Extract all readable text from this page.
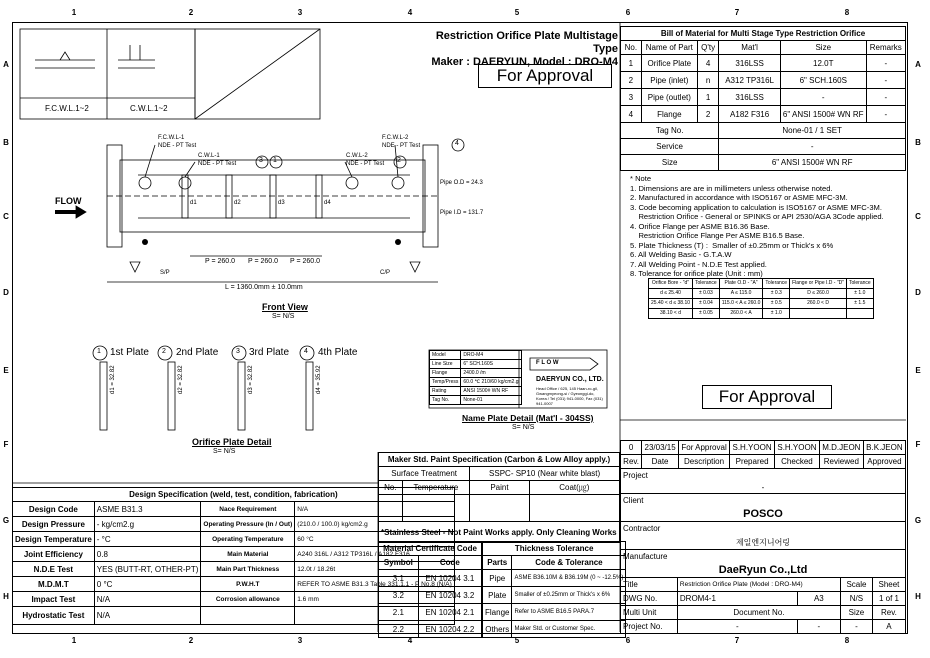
1	2	3	4	5	6	7	8
1	2	3	4	5	6	7	8
A
B
C
D
E
F
G
H
A
B
C
D
E
F
G
H
F.C.W.L.1~2	C.W.L.1~2
Restriction Orifice Plate Multistage Type
Maker : DAERYUN, Model : DRO-M4
For Approval
FLOW
F.C.W.L-1
NDE - PT Test
C.W.L-1
NDE - PT Test
C.W.L-2
NDE - PT Test
F.C.W.L-2
NDE - PT Test
3 1	2
4
P = 260.0 P = 260.0 P = 260.0
L = 1360.0mm ± 10.0mm
d1	d2	d3	d4
Pipe O.D = 24.3
Pipe I.D = 131.7
S/P	C/P
Front View
S= N/S
1 1st Plate 2 2nd Plate	3 3rd Plate 4 4th Plate
d1 = 32.82	d2 = 32.82	d3 = 32.82	d4 = 35.92
Orifice Plate Detail
S= N/S
Model	DRO-M4
Line Size	6" SCH.160S
Flange	2400.0 /m
Temp/Press	60.0 ℃ 210/60 kg/cm2.g
Rating	ANSI 1500# WN RF
Tag No.	None-01
F L O W
DAERYUN CO., LTD.
Head Office / 625, 145 Haan-ro-gil, Gwangmyeong-si / Gyeonggi-do, Korea / Tel (031) 941-0000, Fax (031) 941-0007
Name Plate Detail (Mat'l - 304SS)
S= N/S
Bill of Material for Multi Stage Type Restriction Orifice					
No.	Name of Part	Q'ty	Mat'l	Size	Remarks
1	Orifice Plate	4	316LSS	12.0T	-
2	Pipe (inlet)	n	A312 TP316L	6" SCH.160S	-
3	Pipe (outlet)	1	316LSS	-	-
4	Flange	2	A182 F316	6" ANSI 1500# WN RF	-
Tag No.			None-01 / 1 SET		
Service			-		
Size			6" ANSI 1500# WN RF		
* Note
1. Dimensions are are in millimeters unless otherwise noted.
2. Manufactured in accordance with ISO5167 or ASME MFC-3M.
3. Code becoming application to calculation is ISO5167 or ASME MFC-3M.
Restriction Orifice - General or SPINKS or API 2530/AGA 3Code applied.
4. Orifice Flange per ASME B16.36 Base.
Restriction Orifice Flange Per ASME B16.5 Base.
5. Plate Thickness (T) :  Smaller of ±0.25mm or Thick's x 6%
6. All Welding Basic - G.T.A.W
7. All Welding Point - N.D.E Test applied.
8. Tolerance for orifice plate (Unit : mm)
Orifice Bore - "d"	Tolerance	Plate O.D - "A"	Tolerance	Flange or Pipe I.D - "D"	Tolerance
d ≤ 25.40	± 0.03	A ≤ 115.0	± 0.3	D ≤ 260.0	± 1.0
25.40 < d ≤ 38.10	± 0.04	115.0 < A ≤ 260.0	± 0.5	260.0 < D	± 1.5
38.10 < d	± 0.05	260.0 < A	± 1.0		
For Approval
0	23/03/15	For Approval	S.H.YOON	S.H.YOON	M.D.JEON	B.K.JEON
Rev.	Date	Description	Prepared	Checked	Reviewed	Approved
Project				
-				
Client				
POSCO				
Contractor				
제일엔지니어링				
Manufacture				
DaeRyun Co.,Ltd				
Title	Restriction Orifice Plate (Model : DRO-M4)		Scale	Sheet
DWG No.	DROM4-1	A3	N/S	1 of 1
Multi Unit	Document No.		Size	Rev.
Project No.	-	-	-	A
Design Specification (weld, test, condition, fabrication)			
Design Code	ASME B31.3	Nace Requirement	N/A
Design Pressure	- kg/cm2.g	Operating Pressure (In / Out)	(210.0 / 100.0) kg/cm2.g
Design Temperature	- °C	Operating Temperature	60 °C
Joint Efficiency	0.8	Main Material	A240 316L / A312 TP316L / A182 F316
N.D.E Test	YES (BUTT-RT, OTHER-PT)	Main Part Thickness	12.0t / 18.26t
M.D.M.T	0 °C	P.W.H.T	REFER TO ASME B31.3 Table 331.1.1 - P No.8 (N/A)
Impact Test	N/A	Corrosion allowance	1.6 mm
Hydrostatic Test	N/A		
Maker Std. Paint Specification (Carbon & Low Alloy apply.)			
Surface Treatment		SSPC- SP10 (Near white blast)	
No.	Temperature	Paint	Coat(㎍)

*Stainless Steel - Not Paint Works apply. Only Cleaning Works			
Material Certificate Code	
Symbol	Code
3.1	EN 10204 3.1
3.2	EN 10204 3.2
2.1	EN 10204 2.1
2.2	EN 10204 2.2
Thickness Tolerance	
Parts	Code & Tolerance
Pipe	ASME B36.10M & B36.19M (0 ~ -12.5%)
Plate	Smaller of ±0.25mm or Thick's x 6%
Flange	Refer to ASME B16.5 PARA.7
Others	Maker Std. or Customer Spec.
